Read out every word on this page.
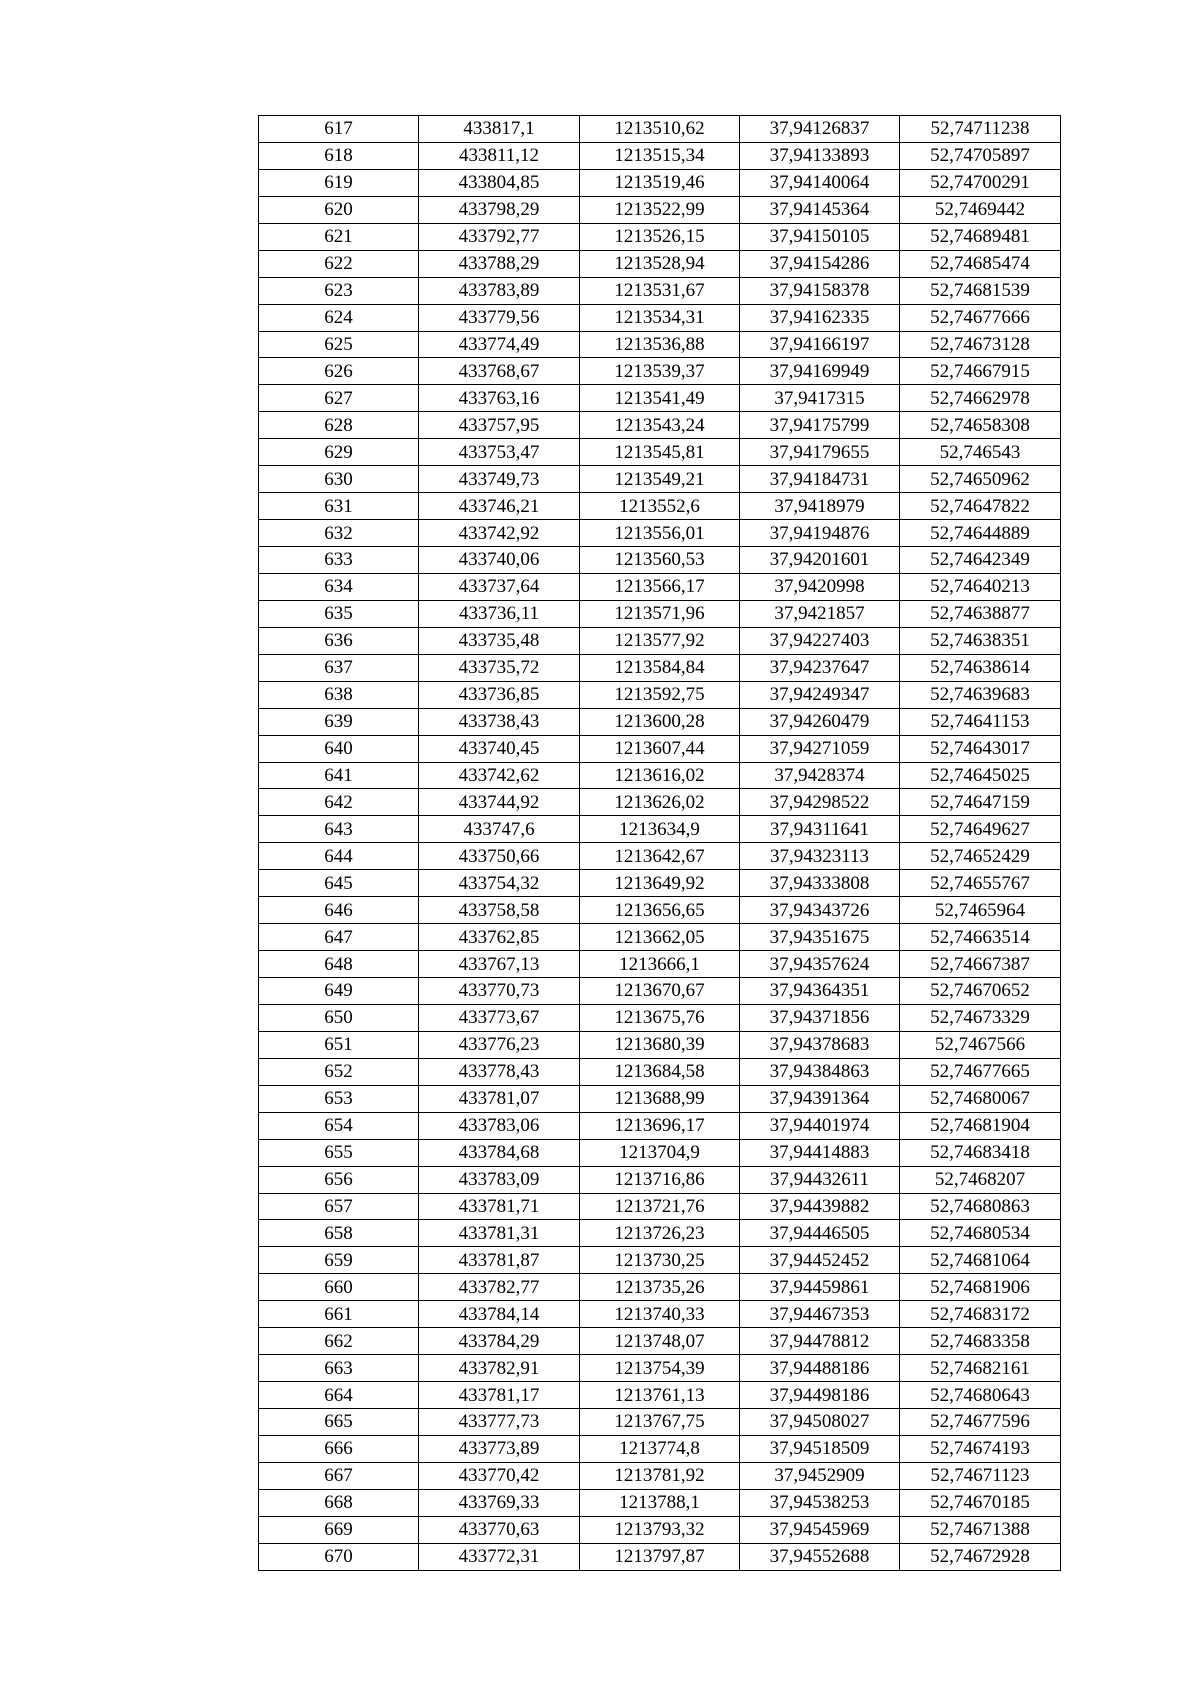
617	433817,1	1213510,62	37,94126837	52,74711238
618	433811,12	1213515,34	37,94133893	52,74705897
619	433804,85	1213519,46	37,94140064	52,74700291
620	433798,29	1213522,99	37,94145364	52,7469442
621	433792,77	1213526,15	37,94150105	52,74689481
622	433788,29	1213528,94	37,94154286	52,74685474
623	433783,89	1213531,67	37,94158378	52,74681539
624	433779,56	1213534,31	37,94162335	52,74677666
625	433774,49	1213536,88	37,94166197	52,74673128
626	433768,67	1213539,37	37,94169949	52,74667915
627	433763,16	1213541,49	37,9417315	52,74662978
628	433757,95	1213543,24	37,94175799	52,74658308
629	433753,47	1213545,81	37,94179655	52,746543
630	433749,73	1213549,21	37,94184731	52,74650962
631	433746,21	1213552,6	37,9418979	52,74647822
632	433742,92	1213556,01	37,94194876	52,74644889
633	433740,06	1213560,53	37,94201601	52,74642349
634	433737,64	1213566,17	37,9420998	52,74640213
635	433736,11	1213571,96	37,9421857	52,74638877
636	433735,48	1213577,92	37,94227403	52,74638351
637	433735,72	1213584,84	37,94237647	52,74638614
638	433736,85	1213592,75	37,94249347	52,74639683
639	433738,43	1213600,28	37,94260479	52,74641153
640	433740,45	1213607,44	37,94271059	52,74643017
641	433742,62	1213616,02	37,9428374	52,74645025
642	433744,92	1213626,02	37,94298522	52,74647159
643	433747,6	1213634,9	37,94311641	52,74649627
644	433750,66	1213642,67	37,94323113	52,74652429
645	433754,32	1213649,92	37,94333808	52,74655767
646	433758,58	1213656,65	37,94343726	52,7465964
647	433762,85	1213662,05	37,94351675	52,74663514
648	433767,13	1213666,1	37,94357624	52,74667387
649	433770,73	1213670,67	37,94364351	52,74670652
650	433773,67	1213675,76	37,94371856	52,74673329
651	433776,23	1213680,39	37,94378683	52,7467566
652	433778,43	1213684,58	37,94384863	52,74677665
653	433781,07	1213688,99	37,94391364	52,74680067
654	433783,06	1213696,17	37,94401974	52,74681904
655	433784,68	1213704,9	37,94414883	52,74683418
656	433783,09	1213716,86	37,94432611	52,7468207
657	433781,71	1213721,76	37,94439882	52,74680863
658	433781,31	1213726,23	37,94446505	52,74680534
659	433781,87	1213730,25	37,94452452	52,74681064
660	433782,77	1213735,26	37,94459861	52,74681906
661	433784,14	1213740,33	37,94467353	52,74683172
662	433784,29	1213748,07	37,94478812	52,74683358
663	433782,91	1213754,39	37,94488186	52,74682161
664	433781,17	1213761,13	37,94498186	52,74680643
665	433777,73	1213767,75	37,94508027	52,74677596
666	433773,89	1213774,8	37,94518509	52,74674193
667	433770,42	1213781,92	37,9452909	52,74671123
668	433769,33	1213788,1	37,94538253	52,74670185
669	433770,63	1213793,32	37,94545969	52,74671388
670	433772,31	1213797,87	37,94552688	52,74672928
